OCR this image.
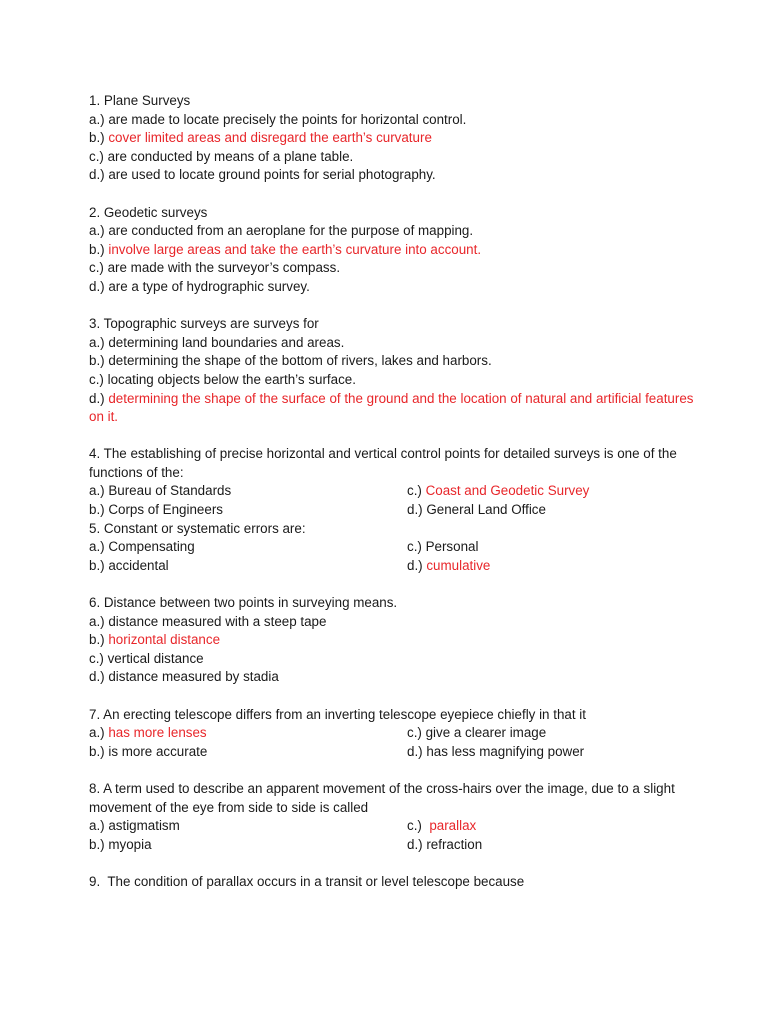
1. Plane Surveys
a.) are made to locate precisely the points for horizontal control.
b.) cover limited areas and disregard the earth’s curvature
c.) are conducted by means of a plane table.
d.) are used to locate ground points for serial photography.
2. Geodetic surveys
a.) are conducted from an aeroplane for the purpose of mapping.
b.) involve large areas and take the earth’s curvature into account.
c.) are made with the surveyor’s compass.
d.) are a type of hydrographic survey.
3. Topographic surveys are surveys for
a.) determining land boundaries and areas.
b.) determining the shape of the bottom of rivers, lakes and harbors.
c.) locating objects below the earth’s surface.
d.) determining the shape of the surface of the ground and the location of natural and artificial features on it.
4. The establishing of precise horizontal and vertical control points for detailed surveys is one of the functions of the:
a.) Bureau of Standards	c.) Coast and Geodetic Survey
b.) Corps of Engineers	d.) General Land Office
5. Constant or systematic errors are:
a.) Compensating	c.) Personal
b.) accidental	d.) cumulative
6. Distance between two points in surveying means.
a.) distance measured with a steep tape
b.) horizontal distance
c.) vertical distance
d.) distance measured by stadia
7. An erecting telescope differs from an inverting telescope eyepiece chiefly in that it
a.) has more lenses	c.) give a clearer image
b.) is more accurate	d.) has less magnifying power
8. A term used to describe an apparent movement of the cross-hairs over the image, due to a slight movement of the eye from side to side is called
a.) astigmatism	c.)  parallax
b.) myopia	d.) refraction
9.  The condition of parallax occurs in a transit or level telescope because
